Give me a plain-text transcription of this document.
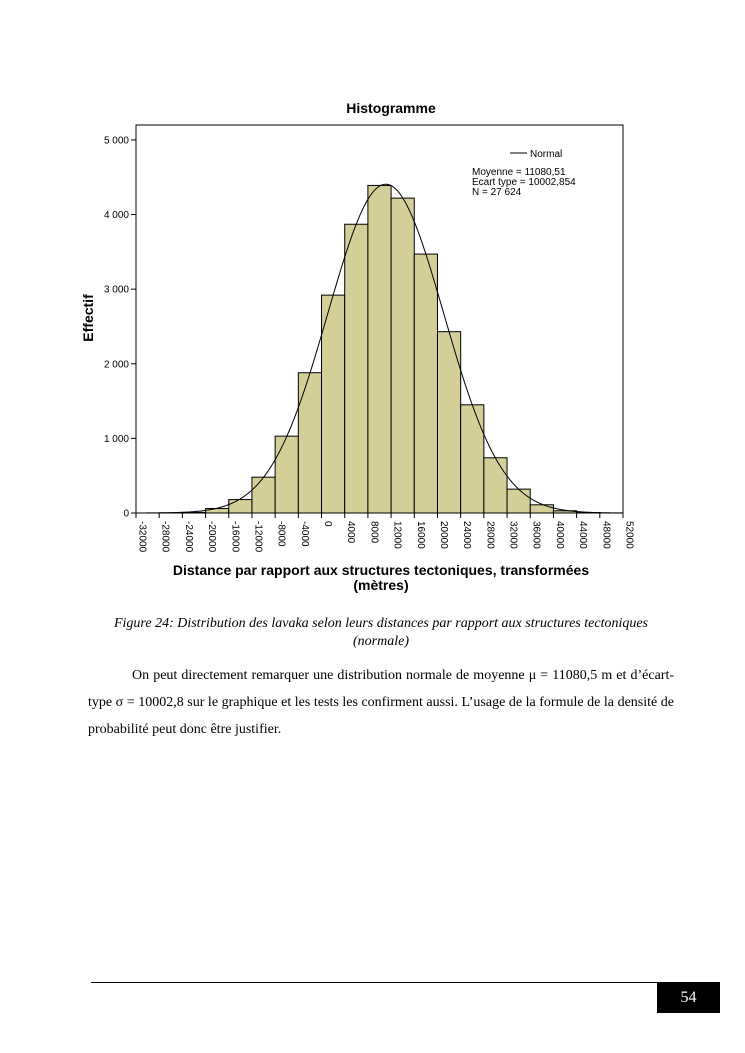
Histogramme
0
1 000
2 000
3 000
4 000
5 000
-32000 -28000 -24000 -20000 -16000 -12000 -8000 -4000 0 4000 8000 12000 16000 20000 24000 28000 32000 36000 40000 44000 48000 52000
Effectif
Distance par rapport aux structures tectoniques, transformées
(mètres)
Normal
Moyenne = 11080,51
Ecart type = 10002,854
N = 27 624
Figure 24: Distribution des lavaka selon leurs distances par rapport aux structures tectoniques
(normale)
On peut directement remarquer une distribution normale de moyenne μ = 11080,5 m et d’écart-type σ = 10002,8 sur le graphique et les tests les confirment aussi. L’usage de la formule de la densité de probabilité peut donc être justifier.
54
